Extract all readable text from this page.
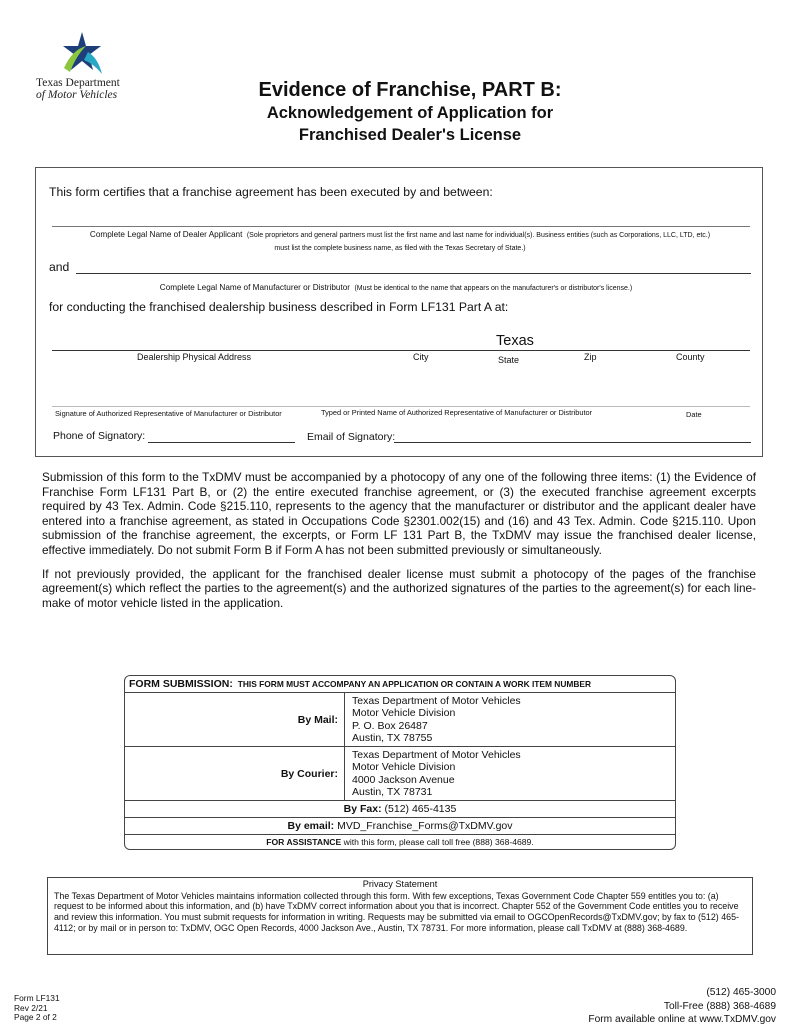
Texas Department
of Motor Vehicles	Evidence of Franchise, PART B:
Acknowledgement of Application for
Franchised Dealer's License
This form certifies that a franchise agreement has been executed by and between:
Complete Legal Name of Dealer Applicant (Sole proprietors and general partners must list the first name and last name for individual(s). Business entities (such as Corporations, LLC, LTD, etc.)
must list the complete business name, as filed with the Texas Secretary of State.)
and
Complete Legal Name of Manufacturer or Distributor (Must be identical to the name that appears on the manufacturer's or distributor's license.)
for conducting the franchised dealership business described in Form LF131 Part A at:
Texas
Dealership Physical Address	City	State	Zip	County
Signature of Authorized Representative of Manufacturer or Distributor	Typed or Printed Name of Authorized Representative of Manufacturer or Distributor	Date
Phone of Signatory:	Email of Signatory:

Submission of this form to the TxDMV must be accompanied by a photocopy of any one of the following three items: (1) the Evidence of Franchise Form LF131 Part B, or (2) the entire executed franchise agreement, or (3) the executed franchise agreement excerpts required by 43 Tex. Admin. Code §215.110, represents to the agency that the manufacturer or distributor and the applicant dealer have entered into a franchise agreement, as stated in Occupations Code §2301.002(15) and (16) and 43 Tex. Admin. Code §215.110. Upon submission of the franchise agreement, the excerpts, or Form LF 131 Part B, the TxDMV may issue the franchised dealer license, effective immediately. Do not submit Form B if Form A has not been submitted previously or simultaneously.

If not previously provided, the applicant for the franchised dealer license must submit a photocopy of the pages of the franchise agreement(s) which reflect the parties to the agreement(s) and the authorized signatures of the parties to the agreement(s) for each line-make of motor vehicle listed in the application.

FORM SUBMISSION: THIS FORM MUST ACCOMPANY AN APPLICATION OR CONTAIN A WORK ITEM NUMBER
By Mail:
Texas Department of Motor Vehicles
Motor Vehicle Division
P. O. Box 26487
Austin, TX 78755
By Courier:
Texas Department of Motor Vehicles
Motor Vehicle Division
4000 Jackson Avenue
Austin, TX 78731
By Fax: (512) 465-4135
By email: MVD_Franchise_Forms@TxDMV.gov
FOR ASSISTANCE with this form, please call toll free (888) 368-4689.
Privacy Statement
The Texas Department of Motor Vehicles maintains information collected through this form. With few exceptions, Texas Government Code Chapter 559 entitles you to: (a) request to be informed about this information, and (b) have TxDMV correct information about you that is incorrect. Chapter 552 of the Government Code entitles you to receive and review this information. You must submit requests for information in writing. Requests may be submitted via email to OGCOpenRecords@TxDMV.gov; by fax to (512) 465-4112; or by mail or in person to: TxDMV, OGC Open Records, 4000 Jackson Ave., Austin, TX 78731. For more information, please call TxDMV at (888) 368-4689.
Form LF131
Rev 2/21
Page 2 of 2
(512) 465-3000
Toll-Free (888) 368-4689
Form available online at www.TxDMV.gov
